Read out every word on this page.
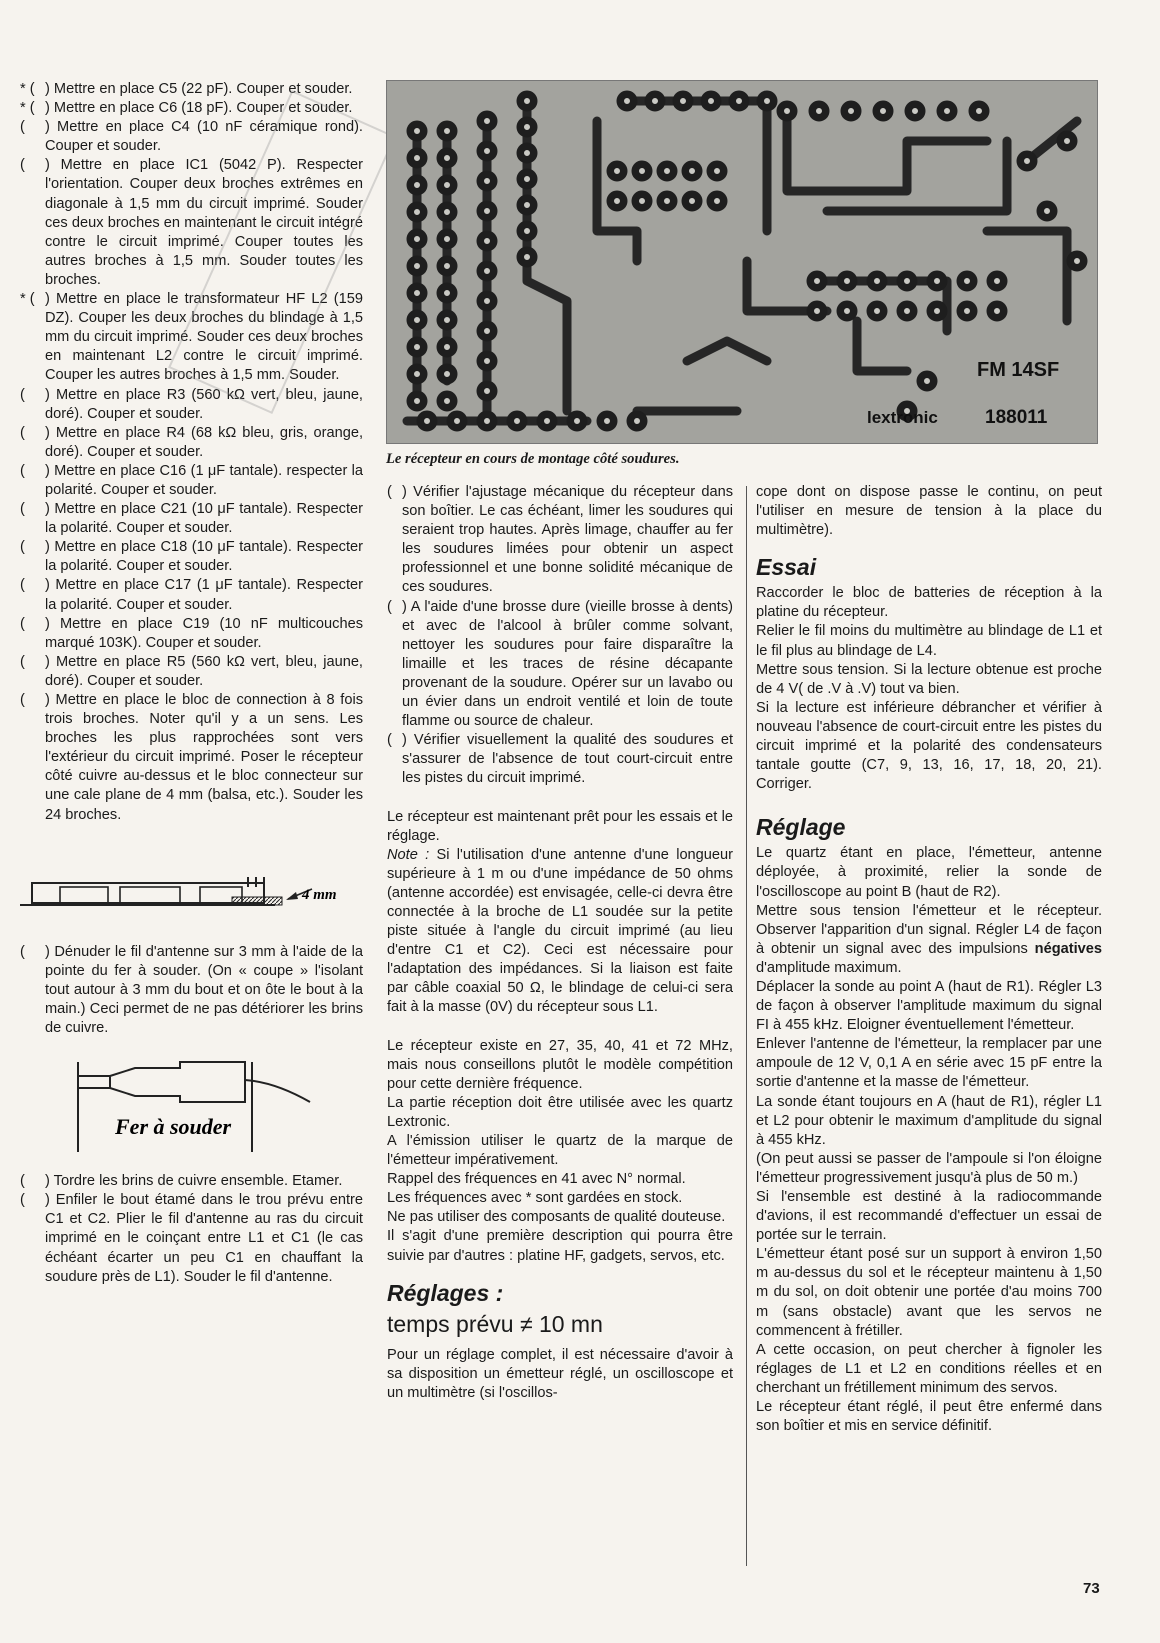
* ( ) Mettre en place C5 (22 pF). Couper et souder.
* ( ) Mettre en place C6 (18 pF). Couper et souder.
(	) Mettre en place C4 (10 nF céramique rond). Couper et souder.
(	) Mettre en place IC1 (5042 P). Respecter l'orientation. Couper deux broches extrêmes en diagonale à 1,5 mm du circuit imprimé. Souder ces deux broches en maintenant le circuit intégré contre le circuit imprimé. Couper toutes les autres broches à 1,5 mm. Souder toutes les broches.
* ( ) Mettre en place le transformateur HF L2 (159 DZ). Couper les deux broches du blindage à 1,5 mm du circuit imprimé. Souder ces deux broches en maintenant L2 contre le circuit imprimé. Couper les autres broches à 1,5 mm. Souder.
(	) Mettre en place R3 (560 kΩ vert, bleu, jaune, doré). Couper et souder.
(	) Mettre en place R4 (68 kΩ bleu, gris, orange, doré). Couper et souder.
(	) Mettre en place C16 (1 μF tantale). respecter la polarité. Couper et souder.
(	) Mettre en place C21 (10 μF tantale). Respecter la polarité. Couper et souder.
(	) Mettre en place C18 (10 μF tantale). Respecter la polarité. Couper et souder.
(	) Mettre en place C17 (1 μF tantale). Respecter la polarité. Couper et souder.
(	) Mettre en place C19 (10 nF multicouches marqué 103K). Couper et souder.
(	) Mettre en place R5 (560 kΩ vert, bleu, jaune, doré). Couper et souder.
(	) Mettre en place le bloc de connection à 8 fois trois broches. Noter qu'il y a un sens. Les broches les plus rapprochées sont vers l'extérieur du circuit imprimé. Poser le récepteur côté cuivre au-dessus et le bloc connecteur sur une cale plane de 4 mm (balsa, etc.). Souder les 24 broches.
4 mm
(	) Dénuder le fil d'antenne sur 3 mm à l'aide de la pointe du fer à souder. (On « coupe » l'isolant tout autour à 3 mm du bout et on ôte le bout à la main.) Ceci permet de ne pas détériorer les brins de cuivre.
Fer à souder
(	) Tordre les brins de cuivre ensemble. Etamer.
(	) Enfiler le bout étamé dans le trou prévu entre C1 et C2. Plier le fil d'antenne au ras du circuit imprimé en le coinçant entre L1 et C1 (le cas échéant écarter un peu C1 en chauffant la soudure près de L1). Souder le fil d'antenne.
FM 14SF
lextronic 188011
Le récepteur en cours de montage côté soudures.
( ) Vérifier l'ajustage mécanique du récepteur dans son boîtier. Le cas échéant, limer les soudures qui seraient trop hautes. Après limage, chauffer au fer les soudures limées pour obtenir un aspect professionnel et une bonne solidité mécanique de ces soudures.
( ) A l'aide d'une brosse dure (vieille brosse à dents) et avec de l'alcool à brûler comme solvant, nettoyer les soudures pour faire disparaître la limaille et les traces de résine décapante provenant de la soudure. Opérer sur un lavabo ou un évier dans un endroit ventilé et loin de toute flamme ou source de chaleur.
( ) Vérifier visuellement la qualité des soudures et s'assurer de l'absence de tout court-circuit entre les pistes du circuit imprimé.

Le récepteur est maintenant prêt pour les essais et le réglage.

Note : Si l'utilisation d'une antenne d'une longueur supérieure à 1 m ou d'une impédance de 50 ohms (antenne accordée) est envisagée, celle-ci devra être connectée à la broche de L1 soudée sur la petite piste située à l'angle du circuit imprimé (au lieu d'entre C1 et C2). Ceci est nécessaire pour l'adaptation des impédances. Si la liaison est faite par câble coaxial 50 Ω, le blindage de celui-ci sera fait à la masse (0V) du récepteur sous L1.

Le récepteur existe en 27, 35, 40, 41 et 72 MHz, mais nous conseillons plutôt le modèle compétition pour cette dernière fréquence.

La partie réception doit être utilisée avec les quartz Lextronic.

A l'émission utiliser le quartz de la marque de l'émetteur impérativement.

Rappel des fréquences en 41 avec N° normal.

Les fréquences avec * sont gardées en stock.

Ne pas utiliser des composants de qualité douteuse.

Il s'agit d'une première description qui pourra être suivie par d'autres : platine HF, gadgets, servos, etc.

Réglages :
temps prévu ≠ 10 mn

Pour un réglage complet, il est nécessaire d'avoir à sa disposition un émetteur réglé, un oscilloscope et un multimètre (si l'oscillos-

cope dont on dispose passe le continu, on peut l'utiliser en mesure de tension à la place du multimètre).

Essai

Raccorder le bloc de batteries de réception à la platine du récepteur.

Relier le fil moins du multimètre au blindage de L1 et le fil plus au blindage de L4.

Mettre sous tension. Si la lecture obtenue est proche de 4 V( de .V à .V) tout va bien.

Si la lecture est inférieure débrancher et vérifier à nouveau l'absence de court-circuit entre les pistes du circuit imprimé et la polarité des condensateurs tantale goutte (C7, 9, 13, 16, 17, 18, 20, 21). Corriger.

Réglage

Le quartz étant en place, l'émetteur, antenne déployée, à proximité, relier la sonde de l'oscilloscope au point B (haut de R2).

Mettre sous tension l'émetteur et le récepteur. Observer l'apparition d'un signal. Régler L4 de façon à obtenir un signal avec des impulsions négatives d'amplitude maximum.

Déplacer la sonde au point A (haut de R1). Régler L3 de façon à observer l'amplitude maximum du signal FI à 455 kHz. Eloigner éventuellement l'émetteur.

Enlever l'antenne de l'émetteur, la remplacer par une ampoule de 12 V, 0,1 A en série avec 15 pF entre la sortie d'antenne et la masse de l'émetteur.

La sonde étant toujours en A (haut de R1), régler L1 et L2 pour obtenir le maximum d'amplitude du signal à 455 kHz.

(On peut aussi se passer de l'ampoule si l'on éloigne l'émetteur progressivement jusqu'à plus de 50 m.)

Si l'ensemble est destiné à la radiocommande d'avions, il est recommandé d'effectuer un essai de portée sur le terrain.

L'émetteur étant posé sur un support à environ 1,50 m au-dessus du sol et le récepteur maintenu à 1,50 m du sol, on doit obtenir une portée d'au moins 700 m (sans obstacle) avant que les servos ne commencent à frétiller.

A cette occasion, on peut chercher à fignoler les réglages de L1 et L2 en conditions réelles et en cherchant un frétillement minimum des servos.

Le récepteur étant réglé, il peut être enfermé dans son boîtier et mis en service définitif.

73
